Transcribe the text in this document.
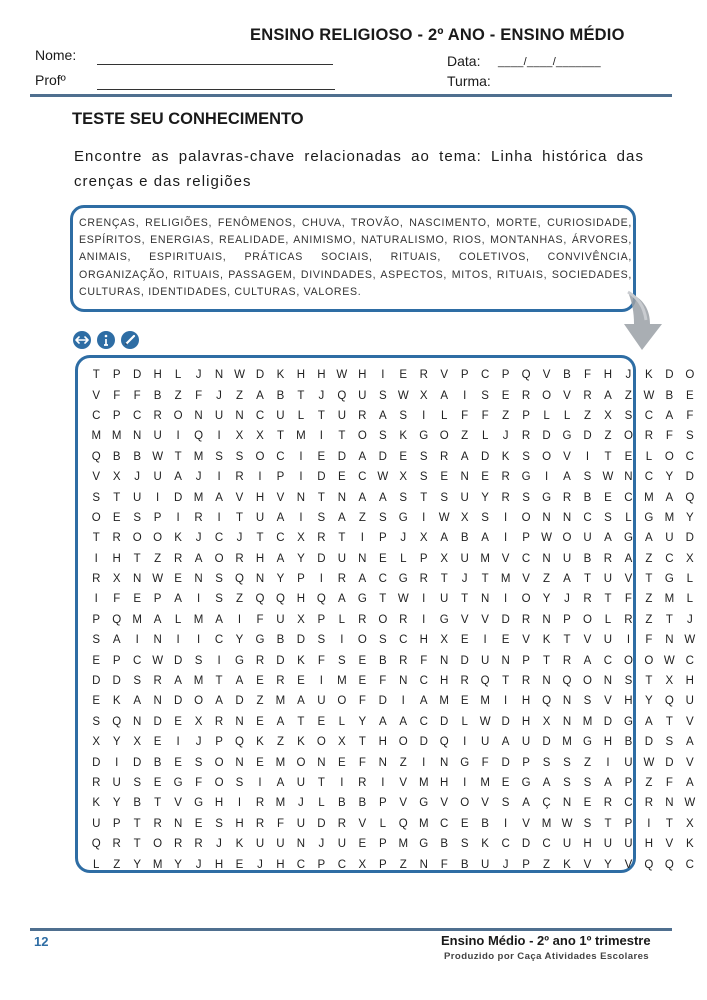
ENSINO RELIGIOSO - 2º ANO - ENSINO MÉDIO
Nome:
Profº
Data: ____/____/_______
Turma:
TESTE SEU CONHECIMENTO
Encontre as palavras-chave relacionadas ao tema: Linha histórica das crenças e das religiões
CRENÇAS, RELIGIÕES, FENÔMENOS, CHUVA, TROVÃO, NASCIMENTO, MORTE, CURIOSIDADE, ESPÍRITOS, ENERGIAS, REALIDADE, ANIMISMO, NATURALISMO, RIOS, MONTANHAS, ÁRVORES, ANIMAIS, ESPIRITUAIS, PRÁTICAS SOCIAIS, RITUAIS, COLETIVOS, CONVIVÊNCIA, ORGANIZAÇÃO, RITUAIS, PASSAGEM, DIVINDADES, ASPECTOS, MITOS, RITUAIS, SOCIEDADES, CULTURAS, IDENTIDADES, CULTURAS, VALORES.
T	P	D	H	L	J	N	W	D	K	H	H	W	H	I	E	R	V	P	C	P	Q	V	B	F	H	J	K	D	O
V	F	F	B	Z	F	J	Z	A	B	T	J	Q	U	S	W	X	A	I	S	E	R	O	V	R	A	Z	W	B	E
C	P	C	R	O	N	U	N	C	U	L	T	U	R	A	S	I	L	F	F	Z	P	L	L	Z	X	S	C	A	F
M	M	N	U	I	Q	I	X	X	T	M	I	T	O	S	K	G	O	Z	L	J	R	D	G	D	Z	O	R	F	S
Q	B	B	W	T	M	S	S	O	C	I	E	D	A	D	E	S	R	A	D	K	S	O	V	I	T	E	L	O	C
V	X	J	U	A	J	I	R	I	P	I	D	E	C	W	X	S	E	N	E	R	G	I	A	S	W	N	C	Y	D
S	T	U	I	D	M	A	V	H	V	N	T	N	A	A	S	T	S	U	Y	R	S	G	R	B	E	C	M	A	Q
O	E	S	P	I	R	I	T	U	A	I	S	A	Z	S	G	I	W	X	S	I	O	N	N	C	S	L	G	M	Y
T	R	O	O	K	J	C	J	T	C	X	R	T	I	P	J	X	A	B	A	I	P	W	O	U	A	G	A	U	D
I	H	T	Z	R	A	O	R	H	A	Y	D	U	N	E	L	P	X	U	M	V	C	N	U	B	R	A	Z	C	X
R	X	N	W	E	N	S	Q	N	Y	P	I	R	A	C	G	R	T	J	T	M	V	Z	A	T	U	V	T	G	L
I	F	E	P	A	I	S	Z	Q	Q	H	Q	A	G	T	W	I	U	T	N	I	O	Y	J	R	T	F	Z	M	L
P	Q	M	A	L	M	A	I	F	U	X	P	L	R	O	R	I	G	V	V	D	R	N	P	O	L	R	Z	T	J
S	A	I	N	I	I	C	Y	G	B	D	S	I	O	S	C	H	X	E	I	E	V	K	T	V	U	I	F	N	W
E	P	C	W	D	S	I	G	R	D	K	F	S	E	B	R	F	N	D	U	N	P	T	R	A	C	O	O	W	C
D	D	S	R	A	M	T	A	E	R	E	I	M	E	F	N	C	H	R	Q	T	R	N	Q	O	N	S	T	X	H
E	K	A	N	D	O	A	D	Z	M	A	U	O	F	D	I	A	M	E	M	I	H	Q	N	S	V	H	Y	Q	U
S	Q	N	D	E	X	R	N	E	A	T	E	L	Y	A	A	C	D	L	W	D	H	X	N	M	D	G	A	T	V
X	Y	X	E	I	J	P	Q	K	Z	K	O	X	T	H	O	D	Q	I	U	A	U	D	M	G	H	B	D	S	A
D	I	D	B	E	S	O	N	E	M	O	N	E	F	N	Z	I	N	G	F	D	P	S	S	Z	I	U	W	D	V
R	U	S	E	G	F	O	S	I	A	U	T	I	R	I	V	M	H	I	M	E	G	A	S	S	A	P	Z	F	A
K	Y	B	T	V	G	H	I	R	M	J	L	B	B	P	V	G	V	O	V	S	A	Ç	N	E	R	C	R	N	W
U	P	T	R	N	E	S	H	R	F	U	D	R	V	L	Q	M	C	E	B	I	V	M	W	S	T	P	I	T	X
Q	R	T	O	R	R	J	K	U	U	N	J	U	E	P	M	G	B	S	K	C	D	C	U	H	U	U	H	V	K
L	Z	Y	M	Y	J	H	E	J	H	C	P	C	X	P	Z	N	F	B	U	J	P	Z	K	V	Y	V	Q	Q	C
12	Ensino Médio - 2º ano 1º trimestre
Produzido por Caça Atividades Escolares
